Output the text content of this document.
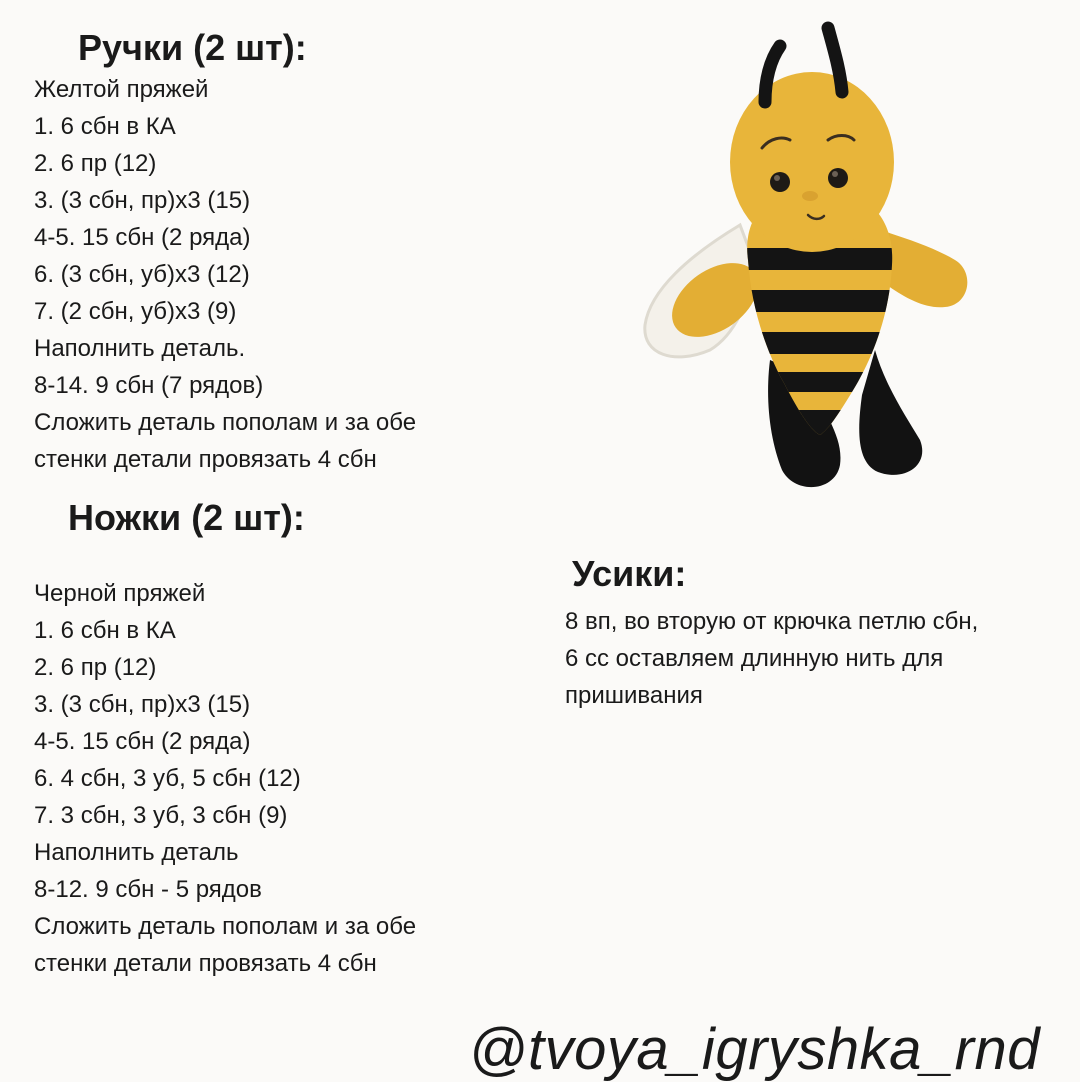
Ручки (2 шт):
Желтой пряжей
1. 6 сбн в КА
2. 6 пр (12)
3. (3 сбн, пр)х3 (15)
4-5. 15 сбн (2 ряда)
6. (3 сбн, уб)х3 (12)
7. (2 сбн, уб)х3 (9)
Наполнить деталь.
8-14. 9 сбн (7 рядов)
Сложить деталь пополам и за обе
стенки детали провязать 4 сбн
Ножки (2 шт):
Черной пряжей
1. 6 сбн в КА
2. 6 пр (12)
3. (3 сбн, пр)х3 (15)
4-5. 15 сбн (2 ряда)
6. 4 сбн, 3 уб, 5 сбн (12)
7. 3 сбн, 3 уб, 3 сбн (9)
Наполнить деталь
8-12. 9 сбн - 5 рядов
Сложить деталь пополам и за обе
стенки детали провязать 4 сбн
Усики:
8 вп, во вторую от крючка петлю сбн,
6 сс оставляем длинную нить для
пришивания
@tvoya_igryshka_rnd
